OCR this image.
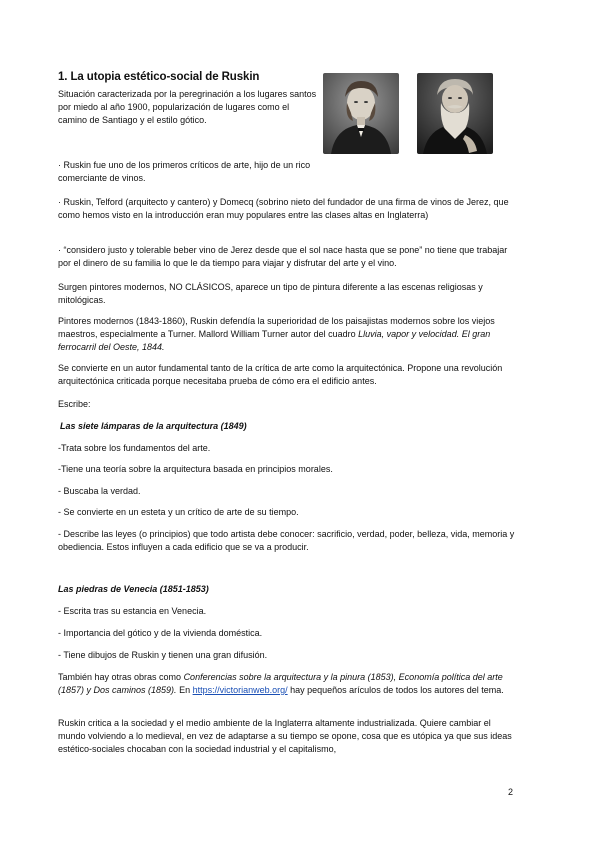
1. La utopia estético-social de Ruskin
Situación caracterizada por la peregrinación a los lugares santos por miedo al año 1900, popularización de lugares como el camino de Santiago y el estilo gótico.

· Ruskin fue uno de los primeros críticos de arte, hijo de un rico comerciante de vinos.

· Ruskin, Telford (arquitecto y cantero) y Domecq (sobrino nieto del fundador de una firma de vinos de Jerez, que como hemos visto en la introducción eran muy populares entre las clases altas en Inglaterra)

· “considero justo y tolerable beber vino de Jerez desde que el sol nace hasta que se pone” no tiene que trabajar por el dinero de su familia lo que le da tiempo para viajar y disfrutar del arte y el vino.

Surgen pintores modernos, NO CLÁSICOS, aparece un tipo de pintura diferente a las escenas religiosas y mitológicas.

Pintores modernos (1843-1860), Ruskin defendía la superioridad de los paisajistas modernos sobre los viejos maestros, especialmente a Turner. Mallord William Turner autor del cuadro Lluvia, vapor y velocidad. El gran ferrocarril del Oeste, 1844.

Se convierte en un autor fundamental tanto de la crítica de arte como la arquitectónica. Propone una revolución arquitectónica criticada porque necesitaba prueba de cómo era el edificio antes.

Escribe:

Las siete lámparas de la arquitectura (1849)

-Trata sobre los fundamentos del arte.

-Tiene una teoría sobre la arquitectura basada en principios morales.

- Buscaba la verdad.

- Se convierte en un esteta y un crítico de arte de su tiempo.

- Describe las leyes (o principios) que todo artista debe conocer: sacrificio, verdad, poder, belleza, vida, memoria y obediencia. Estos influyen a cada edificio que se va a producir.

Las piedras de Venecia (1851-1853)

- Escrita tras su estancia en Venecia.

- Importancia del gótico y de la vivienda doméstica.

- Tiene dibujos de Ruskin y tienen una gran difusión.

También hay otras obras como Conferencias sobre la arquitectura y la pinura (1853), Economía política del arte (1857) y Dos caminos (1859). En https://victorianweb.org/ hay pequeños arículos de todos los autores del tema.

Ruskin critica a la sociedad y el medio ambiente de la Inglaterra altamente industrializada. Quiere cambiar el mundo volviendo a lo medieval, en vez de adaptarse a su tiempo se opone, cosa que es utópica ya que sus ideas estético-sociales chocaban con la sociedad industrial y el capitalismo,

2
